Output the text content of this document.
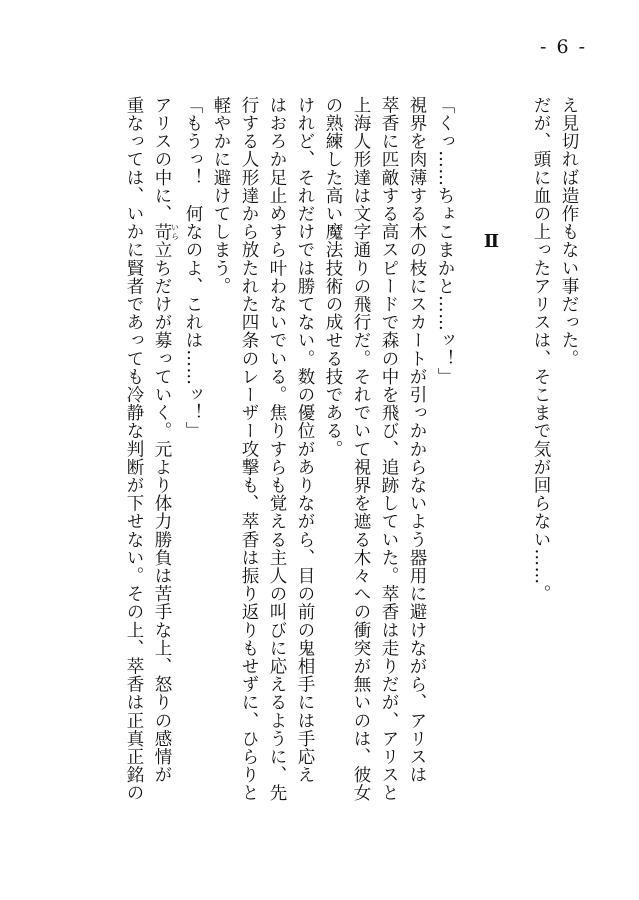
- 6 -

え見切れば造作もない事だった。

だが、頭に血の上ったアリスは、そこまで気が回らない……。

Ⅱ

「くっ……ちょこまかと……ッ！」

視界を肉薄する木の枝にスカートが引っかからないよう器用に避けながら、アリスは

萃香に匹敵する高スピードで森の中を飛び、追跡していた。萃香は走りだが、アリスと

上海人形達は文字通りの飛行だ。それでいて視界を遮る木々への衝突が無いのは、彼女

の熟練した高い魔法技術の成せる技である。

けれど、それだけでは勝てない。数の優位がありながら、目の前の鬼相手には手応え

はおろか足止めすら叶わないでいる。焦りすらも覚える主人の叫びに応えるように、先

行する人形達から放たれた四条のレーザー攻撃も、萃香は振り返りもせずに、ひらりと

軽やかに避けてしまう。

「もうっ！　何なのよ、これは……ッ！」

アリスの中に、苛いら立ちだけが募っていく。元より体力勝負は苦手な上、怒りの感情が

重なっては、いかに賢者であっても冷静な判断が下せない。その上、萃香は正真正銘の
